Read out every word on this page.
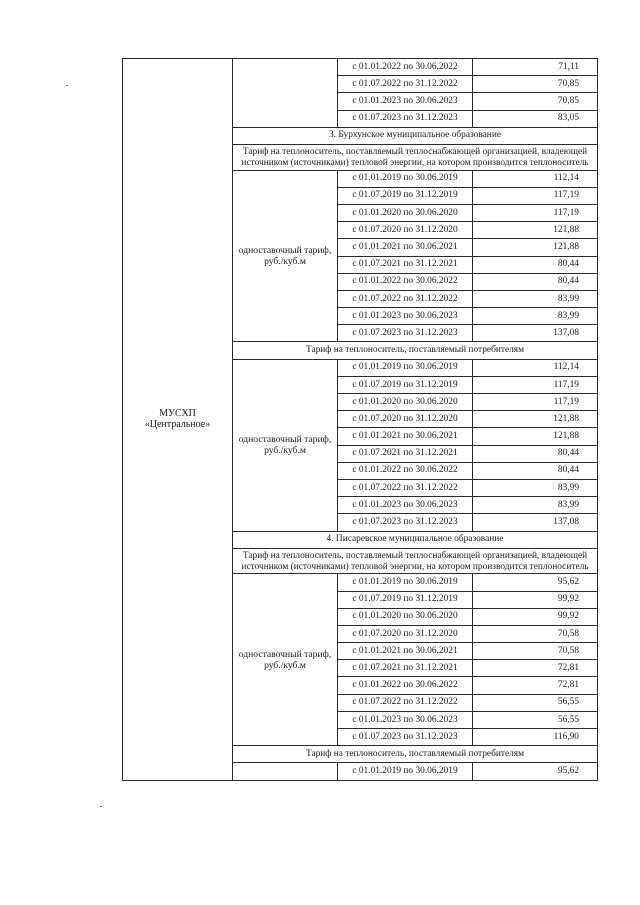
МУСХП «Центральное»		с 01.01.2022 по 30.06.2022	71,11
		с 01.07.2022 по 31.12.2022	70,85
		с 01.01.2023 по 30.06.2023	70,85
		с 01.07.2023 по 31.12.2023	83,05
	3. Бурхунское муниципальное образование		
	Тариф на теплоноситель, поставляемый теплоснабжающей организацией, владеющей источником (источниками) тепловой энергии, на котором производится теплоноситель		
	одноставочный тариф, руб./куб.м	с 01.01.2019 по 30.06.2019	112,14
		с 01.07.2019 по 31.12.2019	117,19
		с 01.01.2020 по 30.06.2020	117,19
		с 01.07.2020 по 31.12.2020	121,88
		с 01.01.2021 по 30.06.2021	121,88
		с 01.07.2021 по 31.12.2021	80,44
		с 01.01.2022 по 30.06.2022	80,44
		с 01.07.2022 по 31.12.2022	83,99
		с 01.01.2023 по 30.06.2023	83,99
		с 01.07.2023 по 31.12.2023	137,08
	Тариф на теплоноситель, поставляемый потребителям		
	одноставочный тариф, руб./куб.м	с 01.01.2019 по 30.06.2019	112,14
		с 01.07.2019 по 31.12.2019	117,19
		с 01.01.2020 по 30.06.2020	117,19
		с 01.07.2020 по 31.12.2020	121,88
		с 01.01.2021 по 30.06.2021	121,88
		с 01.07.2021 по 31.12.2021	80,44
		с 01.01.2022 по 30.06.2022	80,44
		с 01.07.2022 по 31.12.2022	83,99
		с 01.01.2023 по 30.06.2023	83,99
		с 01.07.2023 по 31.12.2023	137,08
	4. Писаревское муниципальное образование		
	Тариф на теплоноситель, поставляемый теплоснабжающей организацией, владеющей источником (источниками) тепловой энергии, на котором производится теплоноситель		
	одноставочный тариф, руб./куб.м	с 01.01.2019 по 30.06.2019	95,62
		с 01.07.2019 по 31.12.2019	99,92
		с 01.01.2020 по 30.06.2020	99,92
		с 01.07.2020 по 31.12.2020	70,58
		с 01.01.2021 по 30.06.2021	70,58
		с 01.07.2021 по 31.12.2021	72,81
		с 01.01.2022 по 30.06.2022	72,81
		с 01.07.2022 по 31.12.2022	56,55
		с 01.01.2023 по 30.06.2023	56,55
		с 01.07.2023 по 31.12.2023	116,90
	Тариф на теплоноситель, поставляемый потребителям		
		с 01.01.2019 по 30.06.2019	95,62
